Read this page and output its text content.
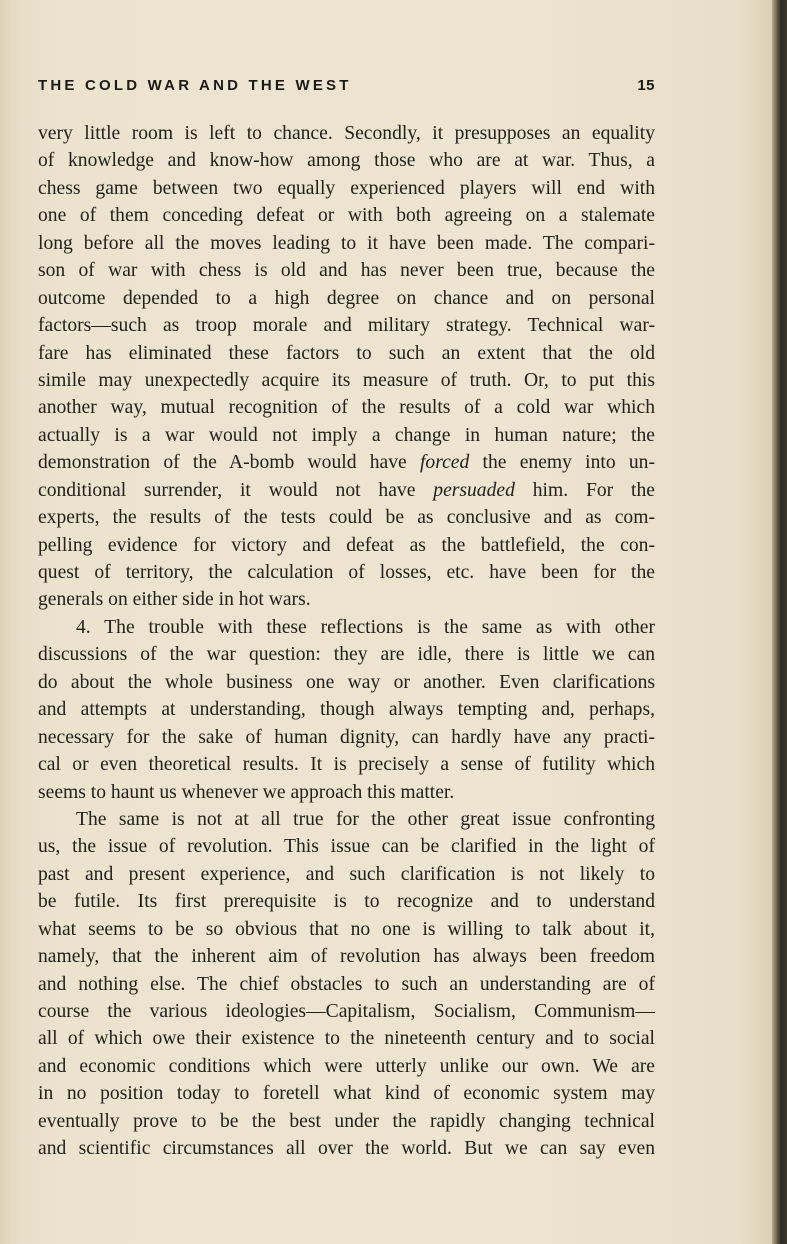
THE COLD WAR AND THE WEST	15
very little room is left to chance. Secondly, it presupposes an equality
of knowledge and know-how among those who are at war. Thus, a
chess game between two equally experienced players will end with
one of them conceding defeat or with both agreeing on a stalemate
long before all the moves leading to it have been made. The compari-
son of war with chess is old and has never been true, because the
outcome depended to a high degree on chance and on personal
factors—such as troop morale and military strategy. Technical war-
fare has eliminated these factors to such an extent that the old
simile may unexpectedly acquire its measure of truth. Or, to put this
another way, mutual recognition of the results of a cold war which
actually is a war would not imply a change in human nature; the
demonstration of the A-bomb would have forced the enemy into un-
conditional surrender, it would not have persuaded him. For the
experts, the results of the tests could be as conclusive and as com-
pelling evidence for victory and defeat as the battlefield, the con-
quest of territory, the calculation of losses, etc. have been for the
generals on either side in hot wars.
4. The trouble with these reflections is the same as with other
discussions of the war question: they are idle, there is little we can
do about the whole business one way or another. Even clarifications
and attempts at understanding, though always tempting and, perhaps,
necessary for the sake of human dignity, can hardly have any practi-
cal or even theoretical results. It is precisely a sense of futility which
seems to haunt us whenever we approach this matter.
The same is not at all true for the other great issue confronting
us, the issue of revolution. This issue can be clarified in the light of
past and present experience, and such clarification is not likely to
be futile. Its first prerequisite is to recognize and to understand
what seems to be so obvious that no one is willing to talk about it,
namely, that the inherent aim of revolution has always been freedom
and nothing else. The chief obstacles to such an understanding are of
course the various ideologies—Capitalism, Socialism, Communism—
all of which owe their existence to the nineteenth century and to social
and economic conditions which were utterly unlike our own. We are
in no position today to foretell what kind of economic system may
eventually prove to be the best under the rapidly changing technical
and scientific circumstances all over the world. But we can say even
